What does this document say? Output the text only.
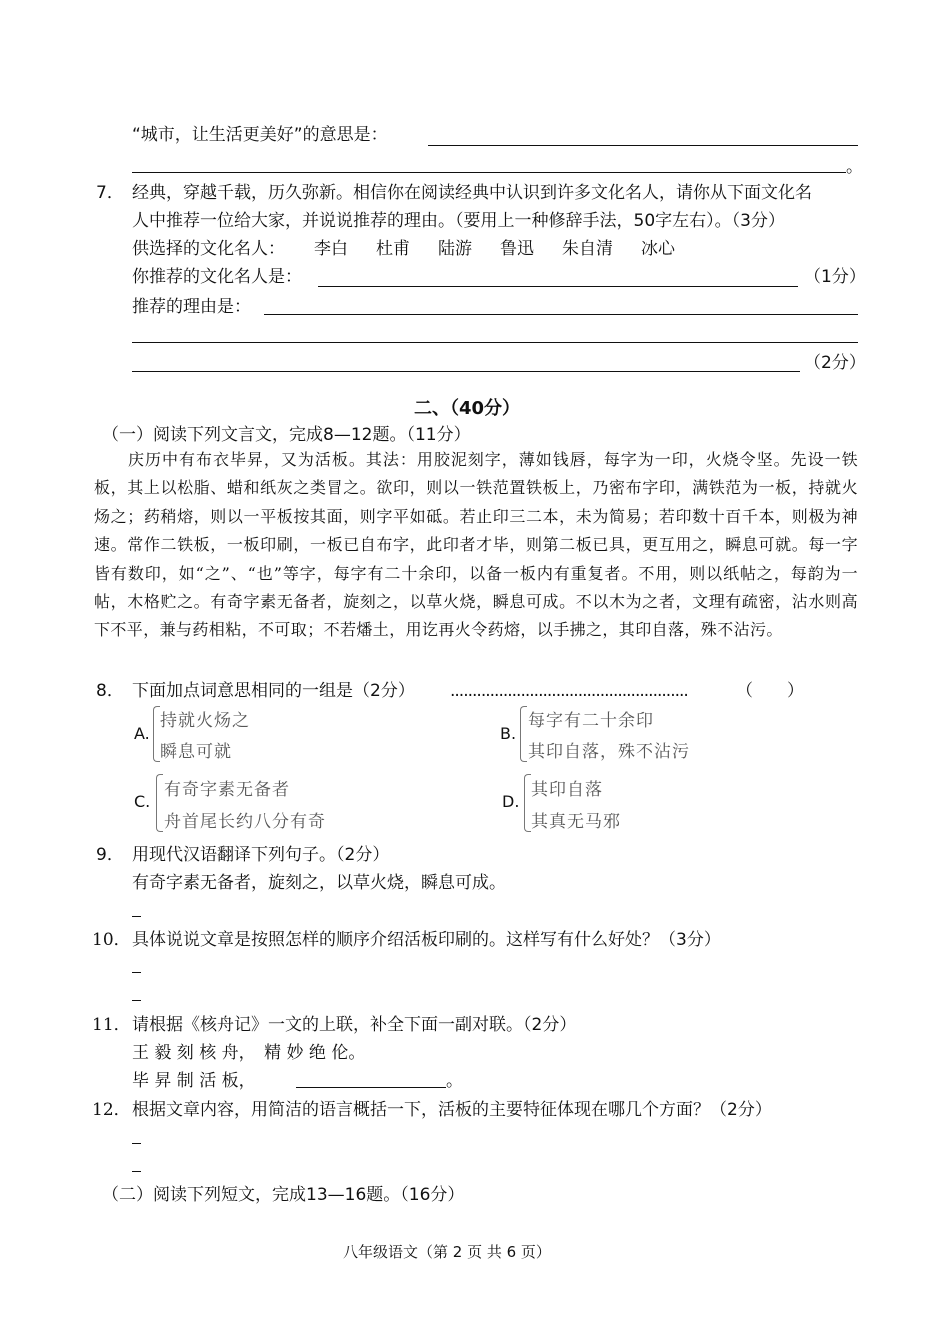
“城市，让生活更美好”的意思是：
。
7． 经典，穿越千载，历久弥新。相信你在阅读经典中认识到许多文化名人，请你从下面文化名
人中推荐一位给大家，并说说推荐的理由。（要用上一种修辞手法，50字左右）。（3分）
供选择的文化名人： 李白 杜甫 陆游 鲁迅 朱自清 冰心
你推荐的文化名人是：	（1分）
推荐的理由是：
（2分）
二、（40分）
（一）阅读下列文言文，完成8—12题。（11分）
庆历中有布衣毕昇，又为活板。其法：用胶泥刻字，薄如钱唇，每字为一印，火烧令坚。先设一铁板，其上以松脂、蜡和纸灰之类冒之。欲印，则以一铁范置铁板上，乃密布字印，满铁范为一板，持就火炀之；药稍熔，则以一平板按其面，则字平如砥。若止印三二本，未为简易；若印数十百千本，则极为神速。常作二铁板，一板印刷，一板已自布字，此印者才毕，则第二板已具，更互用之，瞬息可就。每一字皆有数印，如“之”、“也”等字，每字有二十余印，以备一板内有重复者。不用，则以纸帖之，每韵为一帖，木格贮之。有奇字素无备者，旋刻之，以草火烧，瞬息可成。不以木为之者，文理有疏密，沾水则高下不平，兼与药相粘，不可取；不若燔土，用讫再火令药熔，以手拂之，其印自落，殊不沾污。
8． 下面加点词意思相同的一组是（2分） ......................................................	（　　）
A.
持就火炀之
瞬息可就
B.
每字有二十余印
其印自落，殊不沾污
C.
有奇字素无备者
舟首尾长约八分有奇
D.
其印自落
其真无马邪
9． 用现代汉语翻译下列句子。（2分）
有奇字素无备者，旋刻之，以草火烧，瞬息可成。
10． 具体说说文章是按照怎样的顺序介绍活板印刷的。这样写有什么好处？（3分）
11． 请根据《核舟记》一文的上联，补全下面一副对联。（2分）
王 毅 刻 核 舟，　精 妙 绝 伦。
毕 昇 制 活 板，	。
12． 根据文章内容，用简洁的语言概括一下，活板的主要特征体现在哪几个方面？（2分）
（二）阅读下列短文，完成13—16题。（16分）
八年级语文（第 2 页 共 6 页）
